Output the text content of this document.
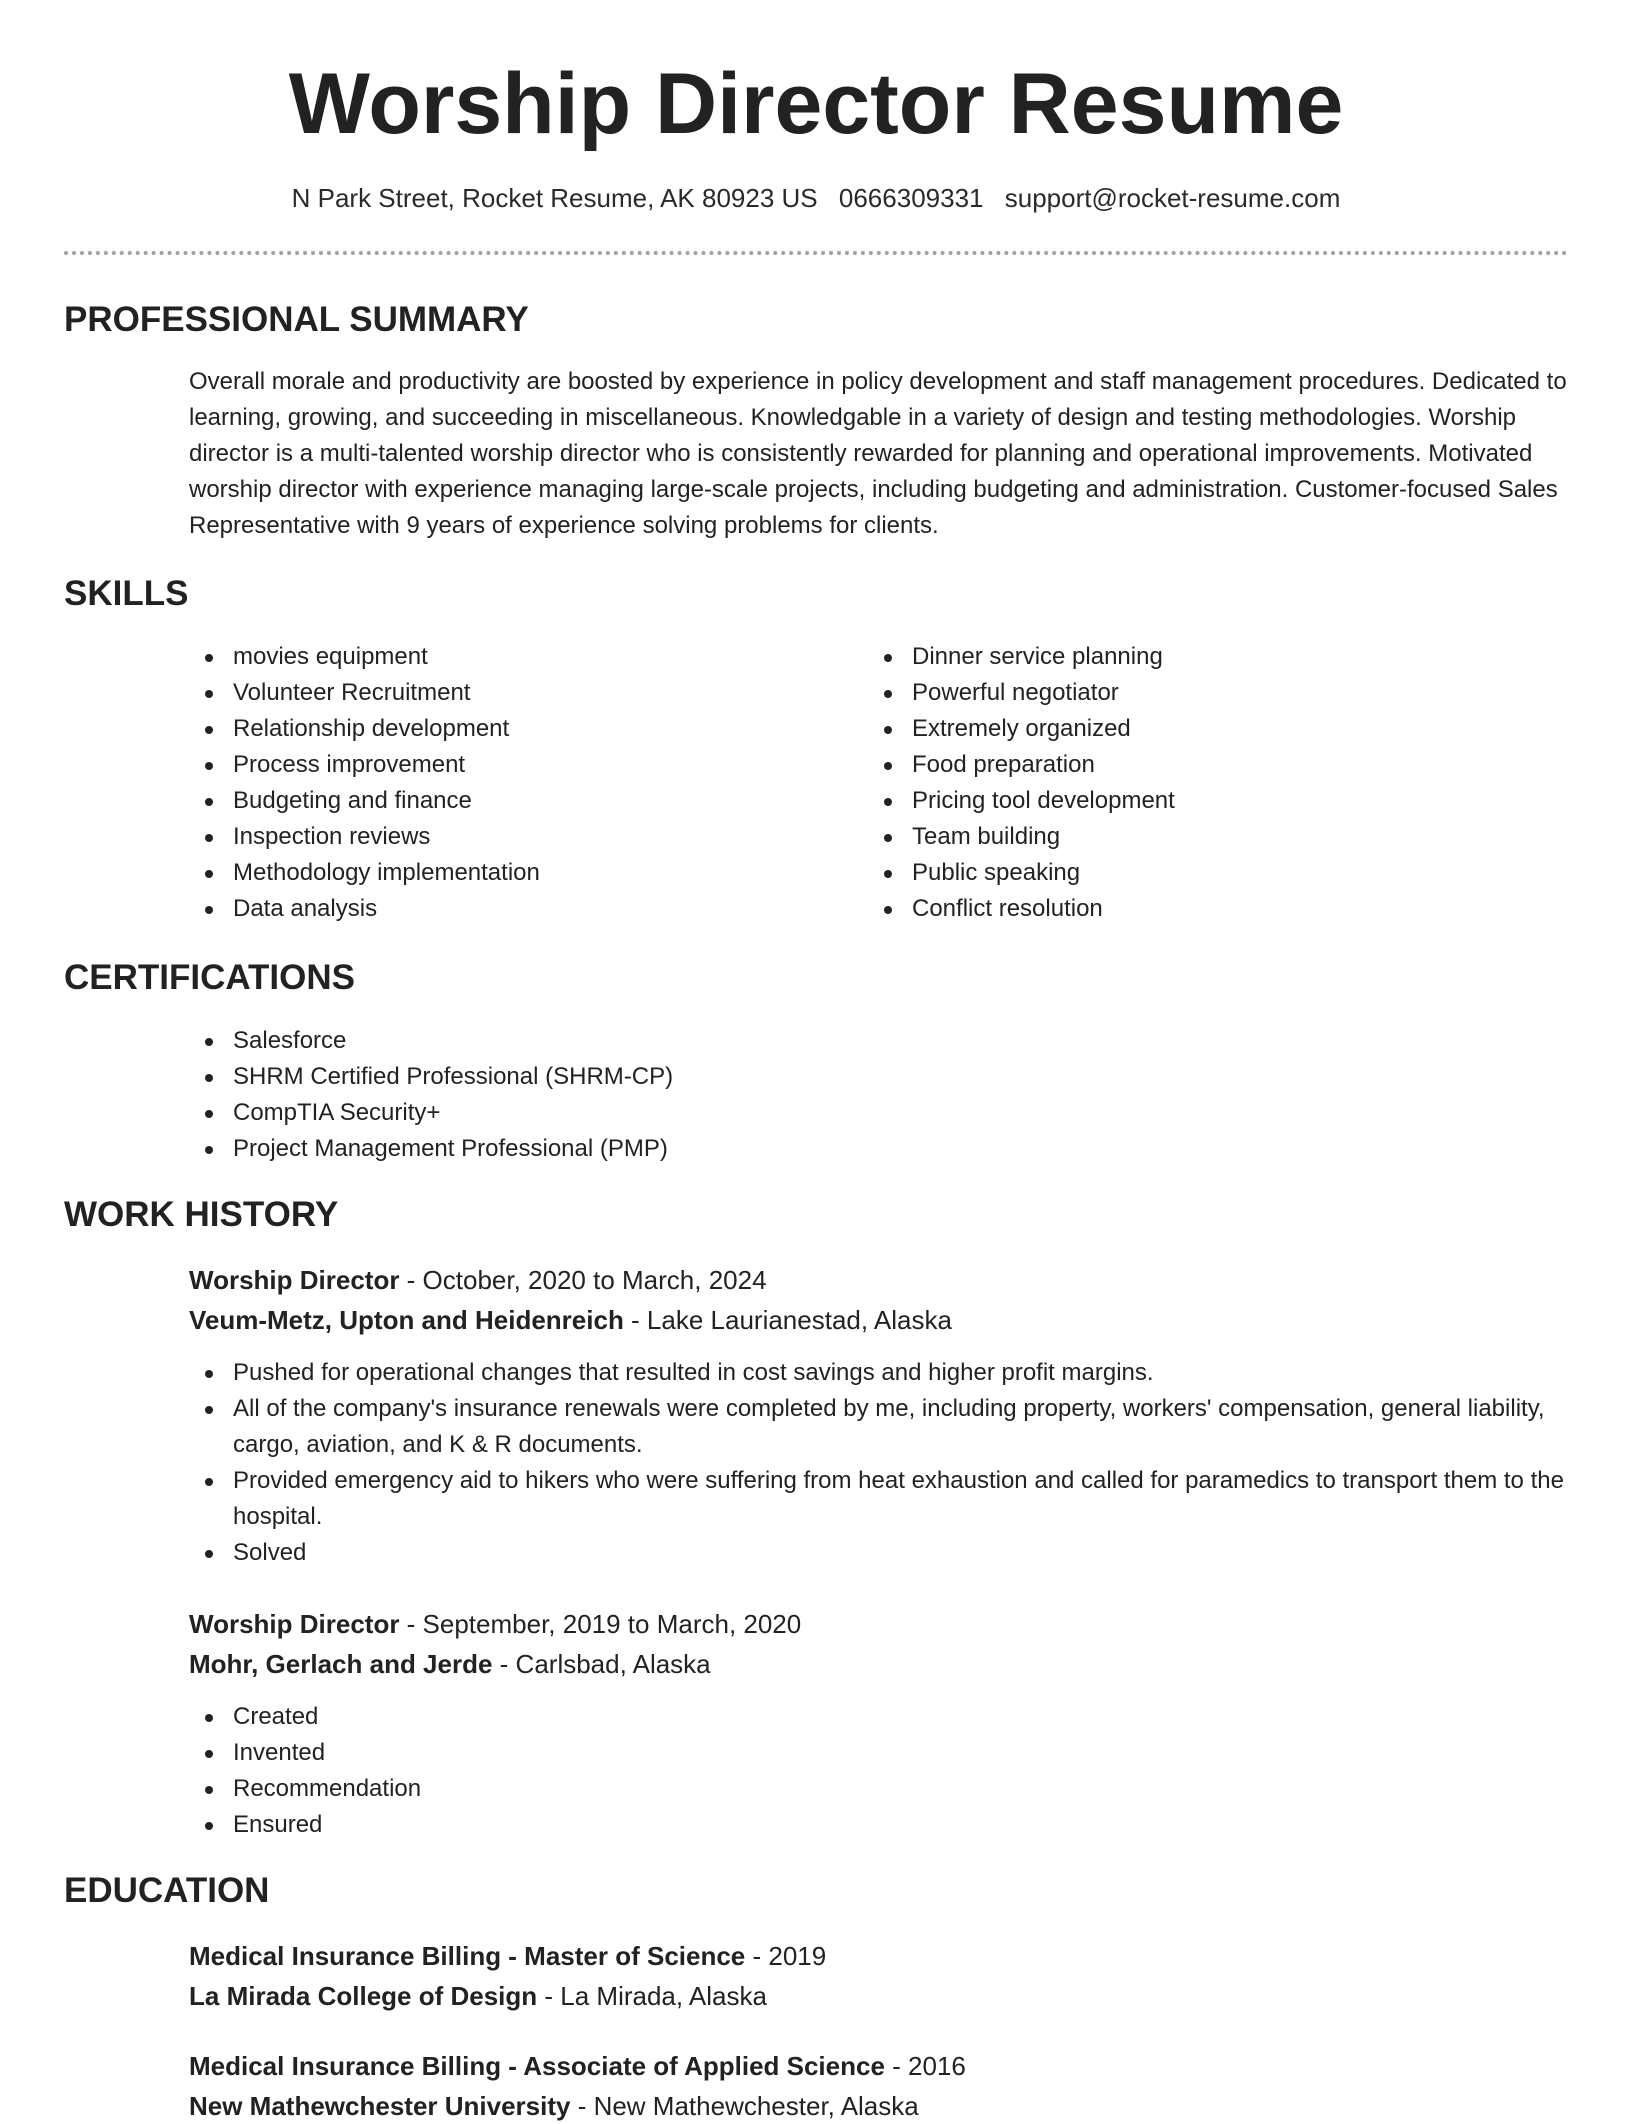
Worship Director Resume
N Park Street, Rocket Resume, AK 80923 US 0666309331 support@rocket-resume.com
PROFESSIONAL SUMMARY

Overall morale and productivity are boosted by experience in policy development and staff management procedures. Dedicated to learning, growing, and succeeding in miscellaneous. Knowledgable in a variety of design and testing methodologies. Worship director is a multi-talented worship director who is consistently rewarded for planning and operational improvements. Motivated worship director with experience managing large-scale projects, including budgeting and administration. Customer-focused Sales Representative with 9 years of experience solving problems for clients.

SKILLS
movies equipment
Volunteer Recruitment
Relationship development
Process improvement
Budgeting and finance
Inspection reviews
Methodology implementation
Data analysis
Dinner service planning
Powerful negotiator
Extremely organized
Food preparation
Pricing tool development
Team building
Public speaking
Conflict resolution
CERTIFICATIONS
Salesforce
SHRM Certified Professional (SHRM-CP)
CompTIA Security+
Project Management Professional (PMP)
WORK HISTORY
Worship Director - October, 2020 to March, 2024
Veum-Metz, Upton and Heidenreich - Lake Laurianestad, Alaska
Pushed for operational changes that resulted in cost savings and higher profit margins.
All of the company's insurance renewals were completed by me, including property, workers' compensation, general liability, cargo, aviation, and K & R documents.
Provided emergency aid to hikers who were suffering from heat exhaustion and called for paramedics to transport them to the hospital.
Solved
Worship Director - September, 2019 to March, 2020
Mohr, Gerlach and Jerde - Carlsbad, Alaska
Created
Invented
Recommendation
Ensured
EDUCATION
Medical Insurance Billing - Master of Science - 2019
La Mirada College of Design - La Mirada, Alaska
Medical Insurance Billing - Associate of Applied Science - 2016
New Mathewchester University - New Mathewchester, Alaska
